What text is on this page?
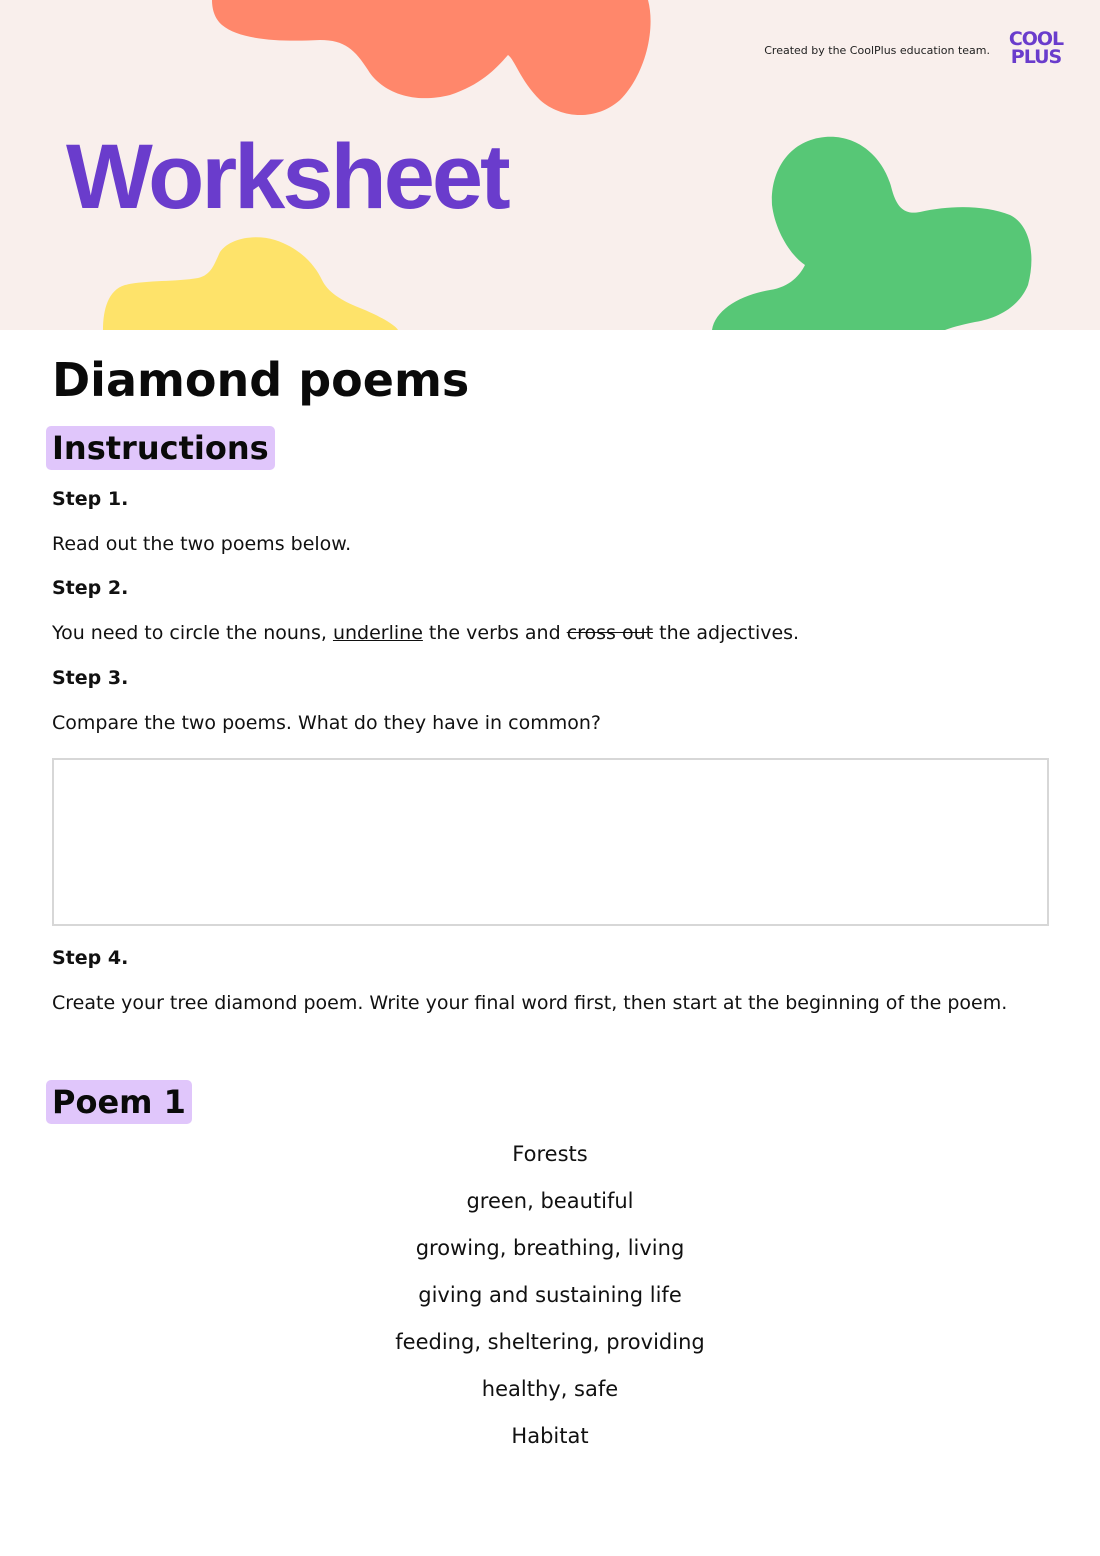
Created by the CoolPlus education team.
COOL
PLUS
Worksheet
Diamond poems
Instructions

Step 1.

Read out the two poems below.

Step 2.

You need to circle the nouns, underline the verbs and cross out the adjectives.

Step 3.

Compare the two poems. What do they have in common?

Step 4.

Create your tree diamond poem. Write your final word first, then start at the beginning of the poem.

Poem 1
Forests
green, beautiful
growing, breathing, living
giving and sustaining life
feeding, sheltering, providing
healthy, safe
Habitat
